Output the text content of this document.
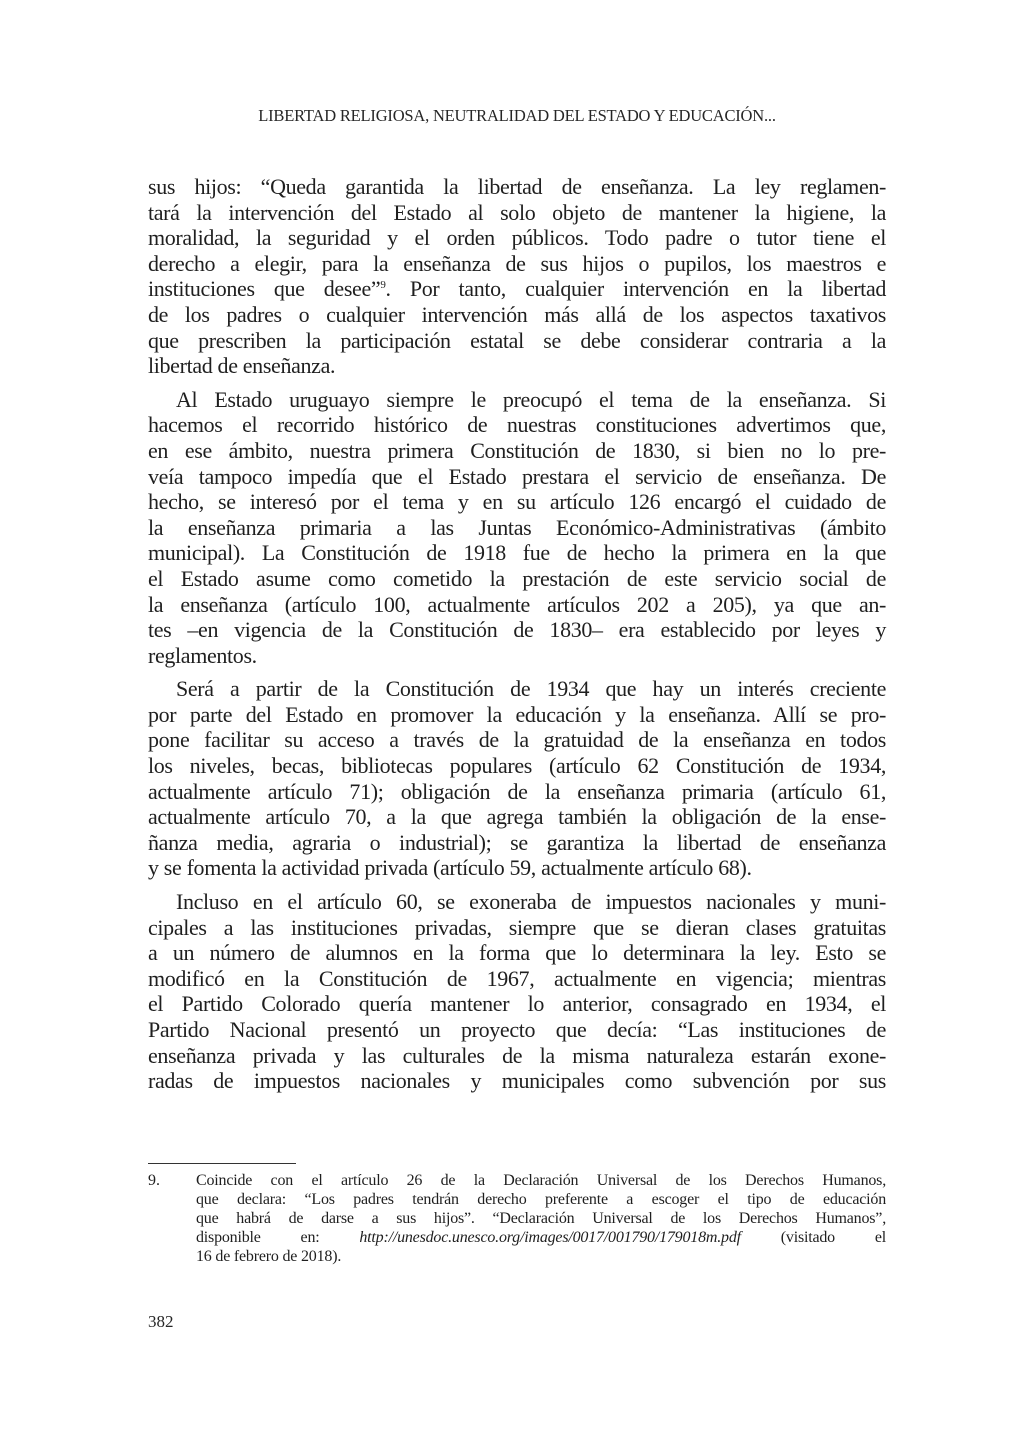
LIBERTAD RELIGIOSA, NEUTRALIDAD DEL ESTADO Y EDUCACIÓN...

sus hijos: “Queda garantida la libertad de enseñanza. La ley reglamen-
tará la intervención del Estado al solo objeto de mantener la higiene, la
moralidad, la seguridad y el orden públicos. Todo padre o tutor tiene el
derecho a elegir, para la enseñanza de sus hijos o pupilos, los maestros e
instituciones que desee”$^9$. Por tanto, cualquier intervención en la libertad
de los padres o cualquier intervención más allá de los aspectos taxativos
que prescriben la participación estatal se debe considerar contraria a la
libertad de enseñanza.

Al Estado uruguayo siempre le preocupó el tema de la enseñanza. Si
hacemos el recorrido histórico de nuestras constituciones advertimos que,
en ese ámbito, nuestra primera Constitución de 1830, si bien no lo pre-
veía tampoco impedía que el Estado prestara el servicio de enseñanza. De
hecho, se interesó por el tema y en su artículo 126 encargó el cuidado de
la enseñanza primaria a las Juntas Económico-Administrativas (ámbito
municipal). La Constitución de 1918 fue de hecho la primera en la que
el Estado asume como cometido la prestación de este servicio social de
la enseñanza (artículo 100, actualmente artículos 202 a 205), ya que an-
tes –en vigencia de la Constitución de 1830– era establecido por leyes y
reglamentos.

Será a partir de la Constitución de 1934 que hay un interés creciente
por parte del Estado en promover la educación y la enseñanza. Allí se pro-
pone facilitar su acceso a través de la gratuidad de la enseñanza en todos
los niveles, becas, bibliotecas populares (artículo 62 Constitución de 1934,
actualmente artículo 71); obligación de la enseñanza primaria (artículo 61,
actualmente artículo 70, a la que agrega también la obligación de la ense-
ñanza media, agraria o industrial); se garantiza la libertad de enseñanza
y se fomenta la actividad privada (artículo 59, actualmente artículo 68).

Incluso en el artículo 60, se exoneraba de impuestos nacionales y muni-
cipales a las instituciones privadas, siempre que se dieran clases gratuitas
a un número de alumnos en la forma que lo determinara la ley. Esto se
modificó en la Constitución de 1967, actualmente en vigencia; mientras
el Partido Colorado quería mantener lo anterior, consagrado en 1934, el
Partido Nacional presentó un proyecto que decía: “Las instituciones de
enseñanza privada y las culturales de la misma naturaleza estarán exone-
radas de impuestos nacionales y municipales como subvención por sus

9. Coincide con el artículo 26 de la Declaración Universal de los Derechos Humanos,
que declara: “Los padres tendrán derecho preferente a escoger el tipo de educación
que habrá de darse a sus hijos”. “Declaración Universal de los Derechos Humanos”,
disponible en: http://unesdoc.unesco.org/images/0017/001790/179018m.pdf (visitado el
16 de febrero de 2018).
382
